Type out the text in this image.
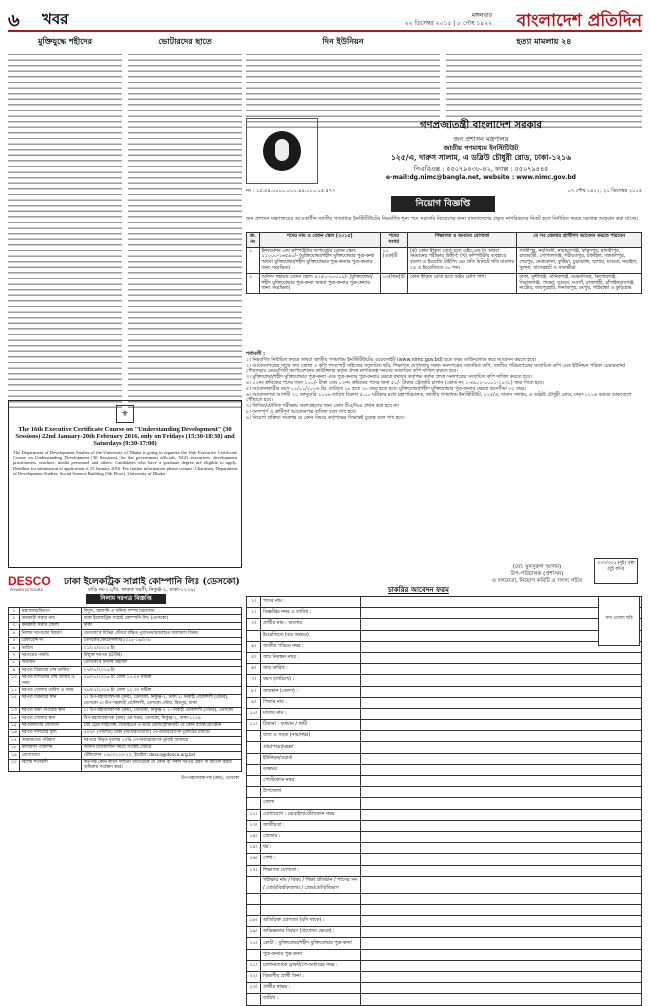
৬ খবর	মঙ্গলবার
২২ ডিসেম্বর ২০১৫ | ৮ পৌষ ১৪২২ বাংলাদেশ প্রতিদিন
মুক্তিযুদ্ধে শহীদের	ভোটারদের ছাতে	দিন ইউনিয়ন	হত্যা মামলায় ২৪
⚜
The 16th Executive Certificate Course on "Understanding Development" (30 Sessions) 22nd January-20th February 2016, only on Fridays (15:30-18:30) and Saturdays (9:30-17:00)
The Department of Development Studies of the University of Dhaka is going to organize the 16th Executive Certificate Course on Understanding Development (30 Sessions), for the government officials, NGO executives, development practitioners, teachers, media personnel and others. Candidates who have a graduate degree are eligible to apply. Deadline for submission of application is 15 January 2016. For further information please contact: Chairman, Department of Development Studies, Social Science Building (5th Floor), University of Dhaka.
DESCO
POWER IS YOURS
ঢাকা ইলেকট্রিক সাপ্লাই কোম্পানি লিঃ (ডেসকো)
বাড়ি নং-২২/বি, ফারুক সরণী, নিকুঞ্জ-২, ঢাকা-১২২৯।
নিলাম দরপত্র বিজ্ঞপ্তি
১	মন্ত্রণালয়/বিভাগ	বিদ্যুৎ, জ্বালানি ও খনিজ সম্পদ মন্ত্রণালয়
২	ক্রয়কারী সত্তার নাম	ঢাকা ইলেকট্রিক সাপ্লাই কোম্পানি লিঃ (ডেসকো)
৩	ক্রয়কারী সত্তার জেলা	ঢাকা
৪	নিলাম দরপত্রের বিবরণ	ডেসকো'র বিভিন্ন স্টোরে রক্ষিত পুরাতন/অব্যবহৃত মালামাল বিক্রয়
৫	রেফারেন্স নং	ডেসকো/স্টোর/নিলাম/২০১৫-১৬/২৩৮
৬	তারিখ	২১/১২/২০১৫ ইং
৭	দরপত্রের পদ্ধতি	উন্মুক্ত দরপত্র (OTM)
৮	অর্থায়ন	ডেসকো'র নিজস্ব তহবিল
৯	দরপত্র বিক্রয়ের শেষ তারিখ	২৭/০১/২০১৬ ইং
১০	দরপত্র দাখিলের শেষ তারিখ ও সময়	২৮/০১/২০১৬ ইং বেলা ১২.০০ ঘটিকা
১১	দরপত্র খোলার তারিখ ও সময়	২৮/০১/২০১৬ ইং বেলা ১২.৩০ ঘটিকা
১২	দরপত্র বিক্রয়ের স্থান	১। উপ-মহাব্যবস্থাপক (ক্রয়), ডেসকো, নিকুঞ্জ-২, ঢাকা ২। নির্বাহী প্রকৌশলী (স্টোর), ডেসকো ৩। উপ-সহকারী প্রকৌশলী, ডেসকো স্টোর, মিরপুর, ঢাকা
১৩	দরপত্র জমা দেওয়ার স্থান	১। উপ-মহাব্যবস্থাপক (ক্রয়), ডেসকো, নিকুঞ্জ-২ ২। নির্বাহী প্রকৌশলী (স্টোর), ডেসকো
১৪	দরপত্র খোলার স্থান	উপ-মহাব্যবস্থাপক (ক্রয়) এর দপ্তর, ডেসকো, নিকুঞ্জ-২, ঢাকা-১২২৯
১৫	দরপত্রদাতার যোগ্যতা	বৈধ ট্রেড লাইসেন্স, টিআইএন ও ভ্যাট রেজিস্ট্রেশনধারী যে কোন ব্যক্তি/প্রতিষ্ঠান
১৬	দরপত্র দলিলের মূল্য	৫০০/- (পাঁচশত) টাকা (অফেরতযোগ্য) পে-অর্ডার/ব্যাংক ড্রাফটের মাধ্যমে
১৭	জামানতের পরিমাণ	দরপত্রে উদ্ধৃত মূল্যের ১০% পে-অর্ডার/ব্যাংক ড্রাফট আকারে
১৮	মালামাল পরিদর্শন	অফিস চলাকালীন সময়ে সংশ্লিষ্ট স্টোরে
১৯	যোগাযোগ	টেলিফোন: ৮৯০০১১০-২০, ইমেইল: desco@desco.org.bd
২০	বিশেষ শর্তাবলী	কর্তৃপক্ষ কোন কারণ দর্শানো ব্যতিরেকে যে কোন বা সকল দরপত্র গ্রহণ বা বাতিল করার অধিকার সংরক্ষণ করে।
উপ-মহাব্যবস্থাপক (ক্রয়), ডেসকো		
গণপ্রজাতন্ত্রী বাংলাদেশ সরকার
জন প্রশাসন মন্ত্রণালয়
জাতীয় গণমাধ্যম ইনস্টিটিউট
১২৫/এ, দারুস সালাম, এ ডব্লিউ চৌধুরী রোড, ঢাকা-১২১৬
পিএবিএক্স : ৫৫০৭৯৪৩৮-৪২, ফ্যাক্স : ৫৫০৭৯৪৪৫
e-mail:dg.nimc@bangla.net, website : www.nimc.gov.bd
নং : ১৫.৫৪.০০০০.০০১.৪৯.০১০.১৫.৫৭৭	০৭ পৌষ ১৪২২, ২১ ডিসেম্বর ২০১৫
নিয়োগ বিজ্ঞপ্তি
জন প্রশাসন মন্ত্রণালয়ের আওতাধীন জাতীয় গণমাধ্যম ইনস্টিটিউটের নিম্নবর্ণিত শূন্য পদে সরাসরি নিয়োগের জন্য বাংলাদেশের প্রকৃত নাগরিকদের নিকট হতে নির্ধারিত ফরমে দরখাস্ত আহবান করা যাচ্ছে।
ক্র. নং	পদের নাম ও বেতন স্কেল (২০১৫)	পদের সংখ্যা	শিক্ষাগত ও অন্যান্য যোগ্যতা	যে সব জেলার প্রার্থীগণ আবেদন করতে পারবেন
১	ইনফর্মেশন এন্ড কম্পিউটার অপারেটর বেতন স্কেল: ১১০০০-২৬৫৯০/- (মুক্তিযোদ্ধা/শহীদ মুক্তিযোদ্ধার পুত্র-কন্যা অথবা মুক্তিযোদ্ধা/শহীদ মুক্তিযোদ্ধার পুত্র-কন্যার পুত্র-কন্যার জন্য সংরক্ষিত)	০১ (এক)টি	(ক) কোন স্বীকৃত বোর্ড হতে এইচ.এস.সি অথবা সমমানের পরীক্ষায় উত্তীর্ণ; (খ) কম্পিউটার ব্যবহারে বাংলা ও ইংরেজি টাইপিং এর প্রতি মিনিটে গতি বাংলায় ২৫ ও ইংরেজিতে ৩০ শব্দ।	গাজীপুর, নরসিংদী, নারায়ণগঞ্জ, ফরিদপুর, মাদারীপুর, রাজবাড়ী, গোপালগঞ্জ, শরীয়তপুর, টাঙ্গাইল, জামালপুর, শেরপুর, নেত্রকোনা, কুষ্টিয়া, চুয়াডাঙ্গা, যশোর, মাগুরা, নড়াইল, খুলনা, বাগেরহাট ও সাতক্ষীরা
২	অফিস সহায়ক বেতন স্কেল: ৮২৫০-২০০১০/- (মুক্তিযোদ্ধা/শহীদ মুক্তিযোদ্ধার পুত্র-কন্যা অথবা পুত্র-কন্যার পুত্র-কন্যার জন্য সংরক্ষিত)	০৩(তিন)টি	কোন স্বীকৃত বোর্ড হতে অষ্টম শ্রেণি পাশ।	ঢাকা, মুন্সীগঞ্জ, মানিকগঞ্জ, ময়মনসিংহ, কিশোরগঞ্জ, সিরাজগঞ্জ, পাবনা, বগুড়া, নওগাঁ, রাজশাহী, চাঁপাইনবাবগঞ্জ, নাটোর, জয়পুরহাট, দিনাজপুর, রংপুর, গাইবান্ধা ও কুড়িগ্রাম
শর্তাবলী :
১। নিম্নবর্ণিত নির্ধারিত ফরমে অথবা জাতীয় গণমাধ্যম ইনস্টিটিউটের ওয়েবসাইট (www.nimc.gov.bd) হতে ফরম ডাউনলোড করে আবেদন করতে হবে।
২। আবেদনপত্রের সাথে সদ্য তোলা ৩ কপি পাসপোর্ট সাইজের সত্যায়িত ছবি, শিক্ষাগত যোগ্যতার সকল সনদপত্রের সত্যায়িত কপি, জাতীয় পরিচয়পত্রের সত্যায়িত কপি এবং ইউনিয়ন পরিষদ চেয়ারম্যান/পৌরসভার মেয়র/সিটি কর্পোরেশনের কাউন্সিলর কর্তৃক প্রদত্ত নাগরিকত্ব সনদের সত্যায়িত কপি দাখিল করতে হবে।
৩। মুক্তিযোদ্ধা/শহীদ মুক্তিযোদ্ধার পুত্র-কন্যা এবং পুত্র-কন্যার পুত্র-কন্যার ক্ষেত্রে যথাযথ কর্তৃপক্ষ কর্তৃক প্রদত্ত সনদপত্রের সত্যায়িত কপি দাখিল করতে হবে।
৪। ০১নং ক্রমিকের পদের জন্য ১০০/- টাকা এবং ০২নং ক্রমিকের পদের জন্য ৫০/- টাকার ট্রেজারি চালান (কোড নং ১-৪৯০১-০০০১-২০৩১) জমা দিতে হবে।
৫। আবেদনকারীর বয়স ০১/০১/২০১৬ খ্রি. তারিখে ১৮ হতে ৩০ বছর হতে হবে। মুক্তিযোদ্ধা/শহীদ মুক্তিযোদ্ধার পুত্র-কন্যার ক্ষেত্রে বয়সসীমা ৩২ বছর।
৬। আবেদনপত্র আগামী ২০ জানুয়ারি ২০১৬ তারিখ বিকাল ৫.০০ ঘটিকার মধ্যে মহাপরিচালক, জাতীয় গণমাধ্যম ইনস্টিটিউট, ১২৫/এ, দারুস সালাম, এ ডব্লিউ চৌধুরী রোড, ঢাকা-১২১৬ বরাবর ডাকযোগে পৌঁছাতে হবে।
৭। লিখিত/মৌখিক পরীক্ষায় অংশগ্রহণের জন্য কোন টিএ/ডিএ প্রদান করা হবে না।
৮। অসম্পূর্ণ ও ত্রুটিপূর্ণ আবেদনপত্র বাতিল বলে গণ্য হবে।
৯। নিয়োগ প্রক্রিয়া সংক্রান্ত যে কোন বিষয়ে কর্তৃপক্ষের সিদ্ধান্তই চূড়ান্ত বলে গণ্য হবে।
৩৩০/৩৩৫ (দুই) পৃষ্ঠা (দুই কপি)
(মো: মুনসুরুল আলম)
উপ-পরিচালক (প্রশাসন)
ও দলনেতা, নিয়োগ কমিটি ও সদস্য সচিব
চাকরির আবেদন ফরম
১।	পদের নাম :	
২।	বিজ্ঞপ্তির নম্বর ও তারিখ :	
৩।	প্রার্থীর নাম : বাংলায়	
	ইংরেজিতে (বড় অক্ষরে)	
৪।	জাতীয় পরিচয় নম্বর :	
৫।	জন্ম নিবন্ধন নম্বর :	
৬।	জন্ম তারিখ :	
৭।	বয়স (তারিখে) :	
৮।	জন্মস্থান (জেলা) :	
৯।	পিতার নাম :	
১০।	মাতার নাম :	
১১।	ঠিকানা : বর্তমান / স্থায়ী	
	বাসা ও সড়ক (নাম/নম্বর)	
	গ্রাম/পাড়া/মহল্লা	
	ইউনিয়ন/ওয়ার্ড	
	ডাকঘর	
	পোস্টকোড নম্বর	
	উপজেলা	
	জেলা	
১২।	যোগাযোগ : মোবাইল/টেলিফোন নম্বর	
১৩।	জাতীয়তা :	
১৪।	জেন্ডার :	
১৫।	ধর্ম :	
১৬।	পেশা :	
১৭।	শিক্ষাগত যোগ্যতা :	
	পরীক্ষার নাম / বিষয় / শিক্ষা প্রতিষ্ঠান / পাসের সন / বোর্ড/বিশ্ববিদ্যালয় / গ্রেড/শ্রেণি/বিভাগ	

১৮।	অতিরিক্ত যোগ্যতা (যদি থাকে) :	
১৯।	অভিজ্ঞতার বিবরণ (প্রযোজ্য ক্ষেত্রে) :	
২০।	কোটা : মুক্তিযোদ্ধা/শহীদ মুক্তিযোদ্ধার পুত্র-কন্যা	
	পুত্র-কন্যার পুত্র-কন্যা	
২১।	চালান/ব্যাংক ড্রাফট/পে-অর্ডারের নম্বর :	
২২।	বিভাগীয় প্রার্থী কিনা :	
২৩।	প্রার্থীর স্বাক্ষর :	
	তারিখ :	
সদ্য তোলা ছবি
